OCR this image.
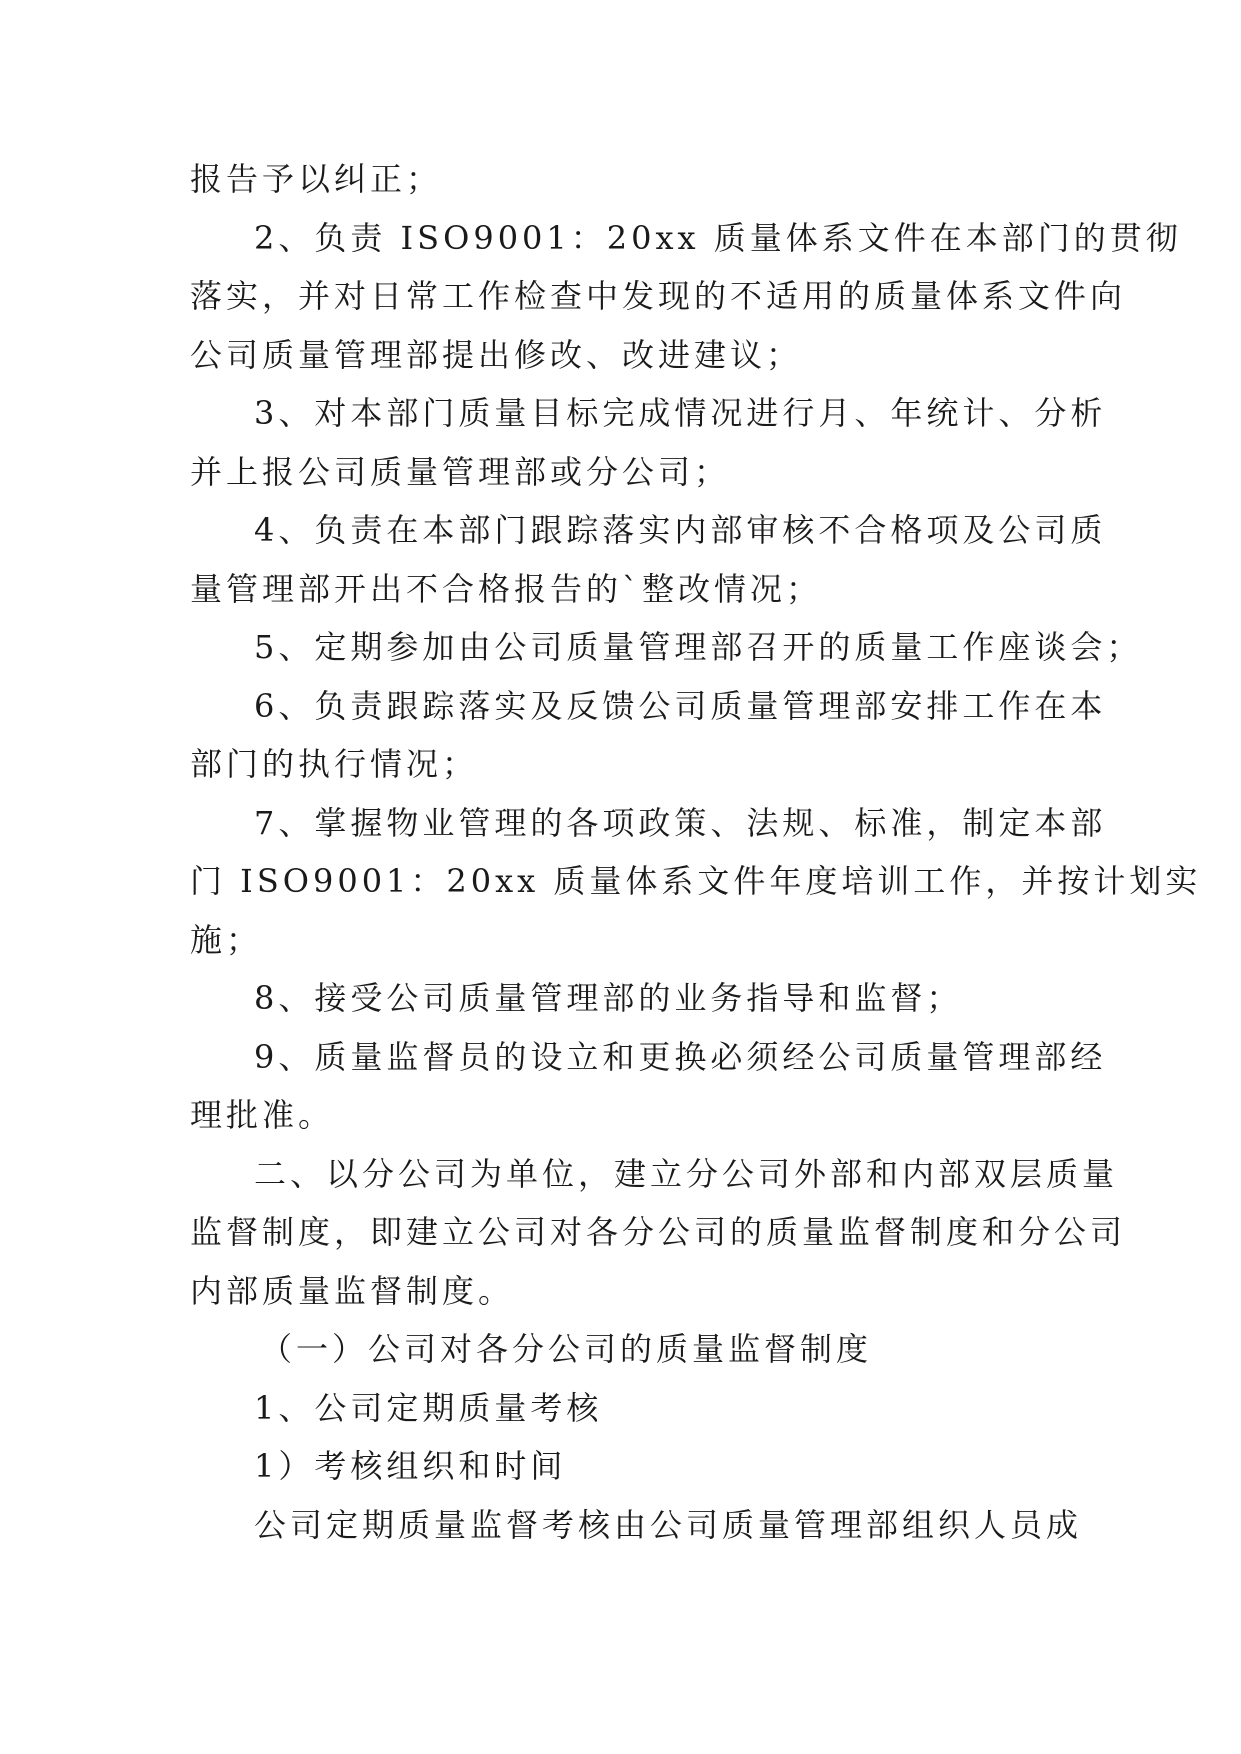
报告予以纠正；
2、负责 ISO9001：20xx 质量体系文件在本部门的贯彻
落实，并对日常工作检查中发现的不适用的质量体系文件向
公司质量管理部提出修改、改进建议；
3、对本部门质量目标完成情况进行月、年统计、分析
并上报公司质量管理部或分公司；
4、负责在本部门跟踪落实内部审核不合格项及公司质
量管理部开出不合格报告的`整改情况；
5、定期参加由公司质量管理部召开的质量工作座谈会；
6、负责跟踪落实及反馈公司质量管理部安排工作在本
部门的执行情况；
7、掌握物业管理的各项政策、法规、标准，制定本部
门 ISO9001：20xx 质量体系文件年度培训工作，并按计划实
施；
8、接受公司质量管理部的业务指导和监督；
9、质量监督员的设立和更换必须经公司质量管理部经
理批准。
二、以分公司为单位，建立分公司外部和内部双层质量
监督制度，即建立公司对各分公司的质量监督制度和分公司
内部质量监督制度。
（一）公司对各分公司的质量监督制度
1、公司定期质量考核
1）考核组织和时间
公司定期质量监督考核由公司质量管理部组织人员成
